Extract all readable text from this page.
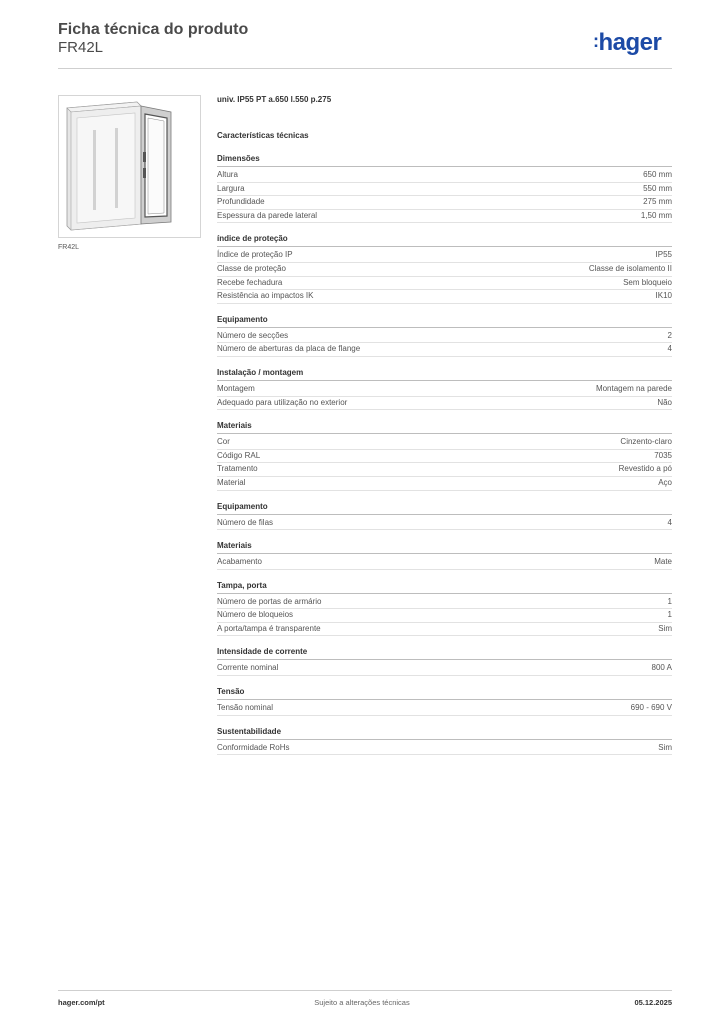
Ficha técnica do produto
FR42L	:hager
FR42L
univ. IP55 PT a.650 l.550 p.275
Características técnicas
Dimensões
Altura	650 mm
Largura	550 mm
Profundidade	275 mm
Espessura da parede lateral	1,50 mm
índice de proteção
Índice de proteção IP	IP55
Classe de proteção	Classe de isolamento II
Recebe fechadura	Sem bloqueio
Resistência ao impactos IK	IK10
Equipamento
Número de secções	2
Número de aberturas da placa de flange	4
Instalação / montagem
Montagem	Montagem na parede
Adequado para utilização no exterior	Não
Materiais
Cor	Cinzento-claro
Código RAL	7035
Tratamento	Revestido a pó
Material	Aço
Equipamento
Número de filas	4
Materiais
Acabamento	Mate
Tampa, porta
Número de portas de armário	1
Número de bloqueios	1
A porta/tampa é transparente	Sim
Intensidade de corrente
Corrente nominal	800 A
Tensão
Tensão nominal	690 - 690 V
Sustentabilidade
Conformidade RoHs	Sim
hager.com/pt	Sujeito a alterações técnicas	05.12.2025
